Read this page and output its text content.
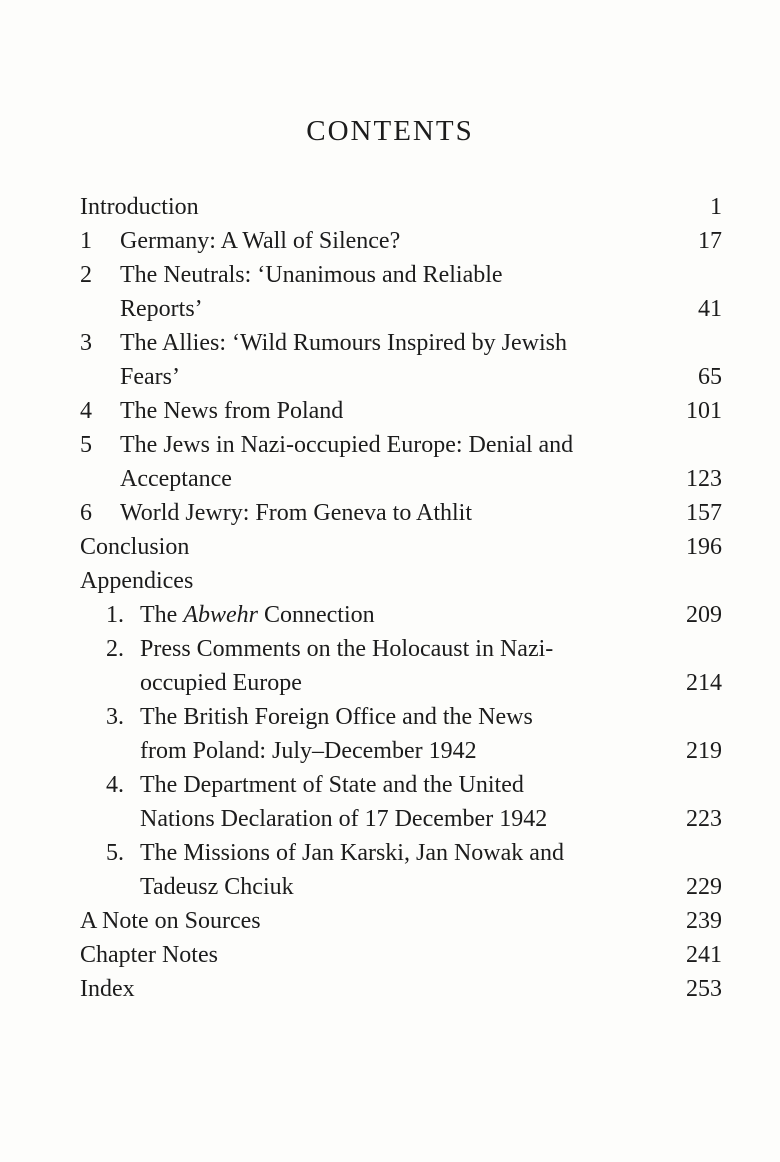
CONTENTS
Introduction	1
1	Germany: A Wall of Silence?	17
2	The Neutrals: ‘Unanimous and Reliable
Reports’	41
3	The Allies: ‘Wild Rumours Inspired by Jewish
Fears’	65
4	The News from Poland	101
5	The Jews in Nazi-occupied Europe: Denial and
Acceptance	123
6	World Jewry: From Geneva to Athlit	157
Conclusion	196
Appendices
1. The Abwehr Connection	209
2. Press Comments on the Holocaust in Nazi-
occupied Europe	214
3. The British Foreign Office and the News
from Poland: July–December 1942	219
4. The Department of State and the United
Nations Declaration of 17 December 1942	223
5. The Missions of Jan Karski, Jan Nowak and
Tadeusz Chciuk	229
A Note on Sources	239
Chapter Notes	241
Index	253
